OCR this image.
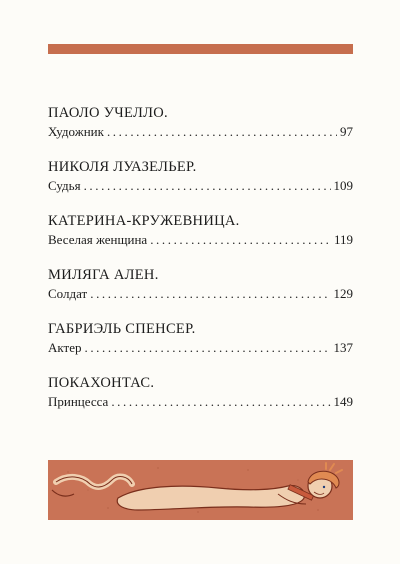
ПАОЛО УЧЕЛЛО.
Художник .....	97
НИКОЛЯ ЛУАЗЕЛЬЕР.
Судья .....	109
КАТЕРИНА-КРУЖЕВНИЦА.
Веселая женщина .....	119
МИЛЯГА АЛЕН.
Солдат .....	129
ГАБРИЭЛЬ СПЕНСЕР.
Актер .....	137
ПОКАХОНТАС.
Принцесса .....	149
